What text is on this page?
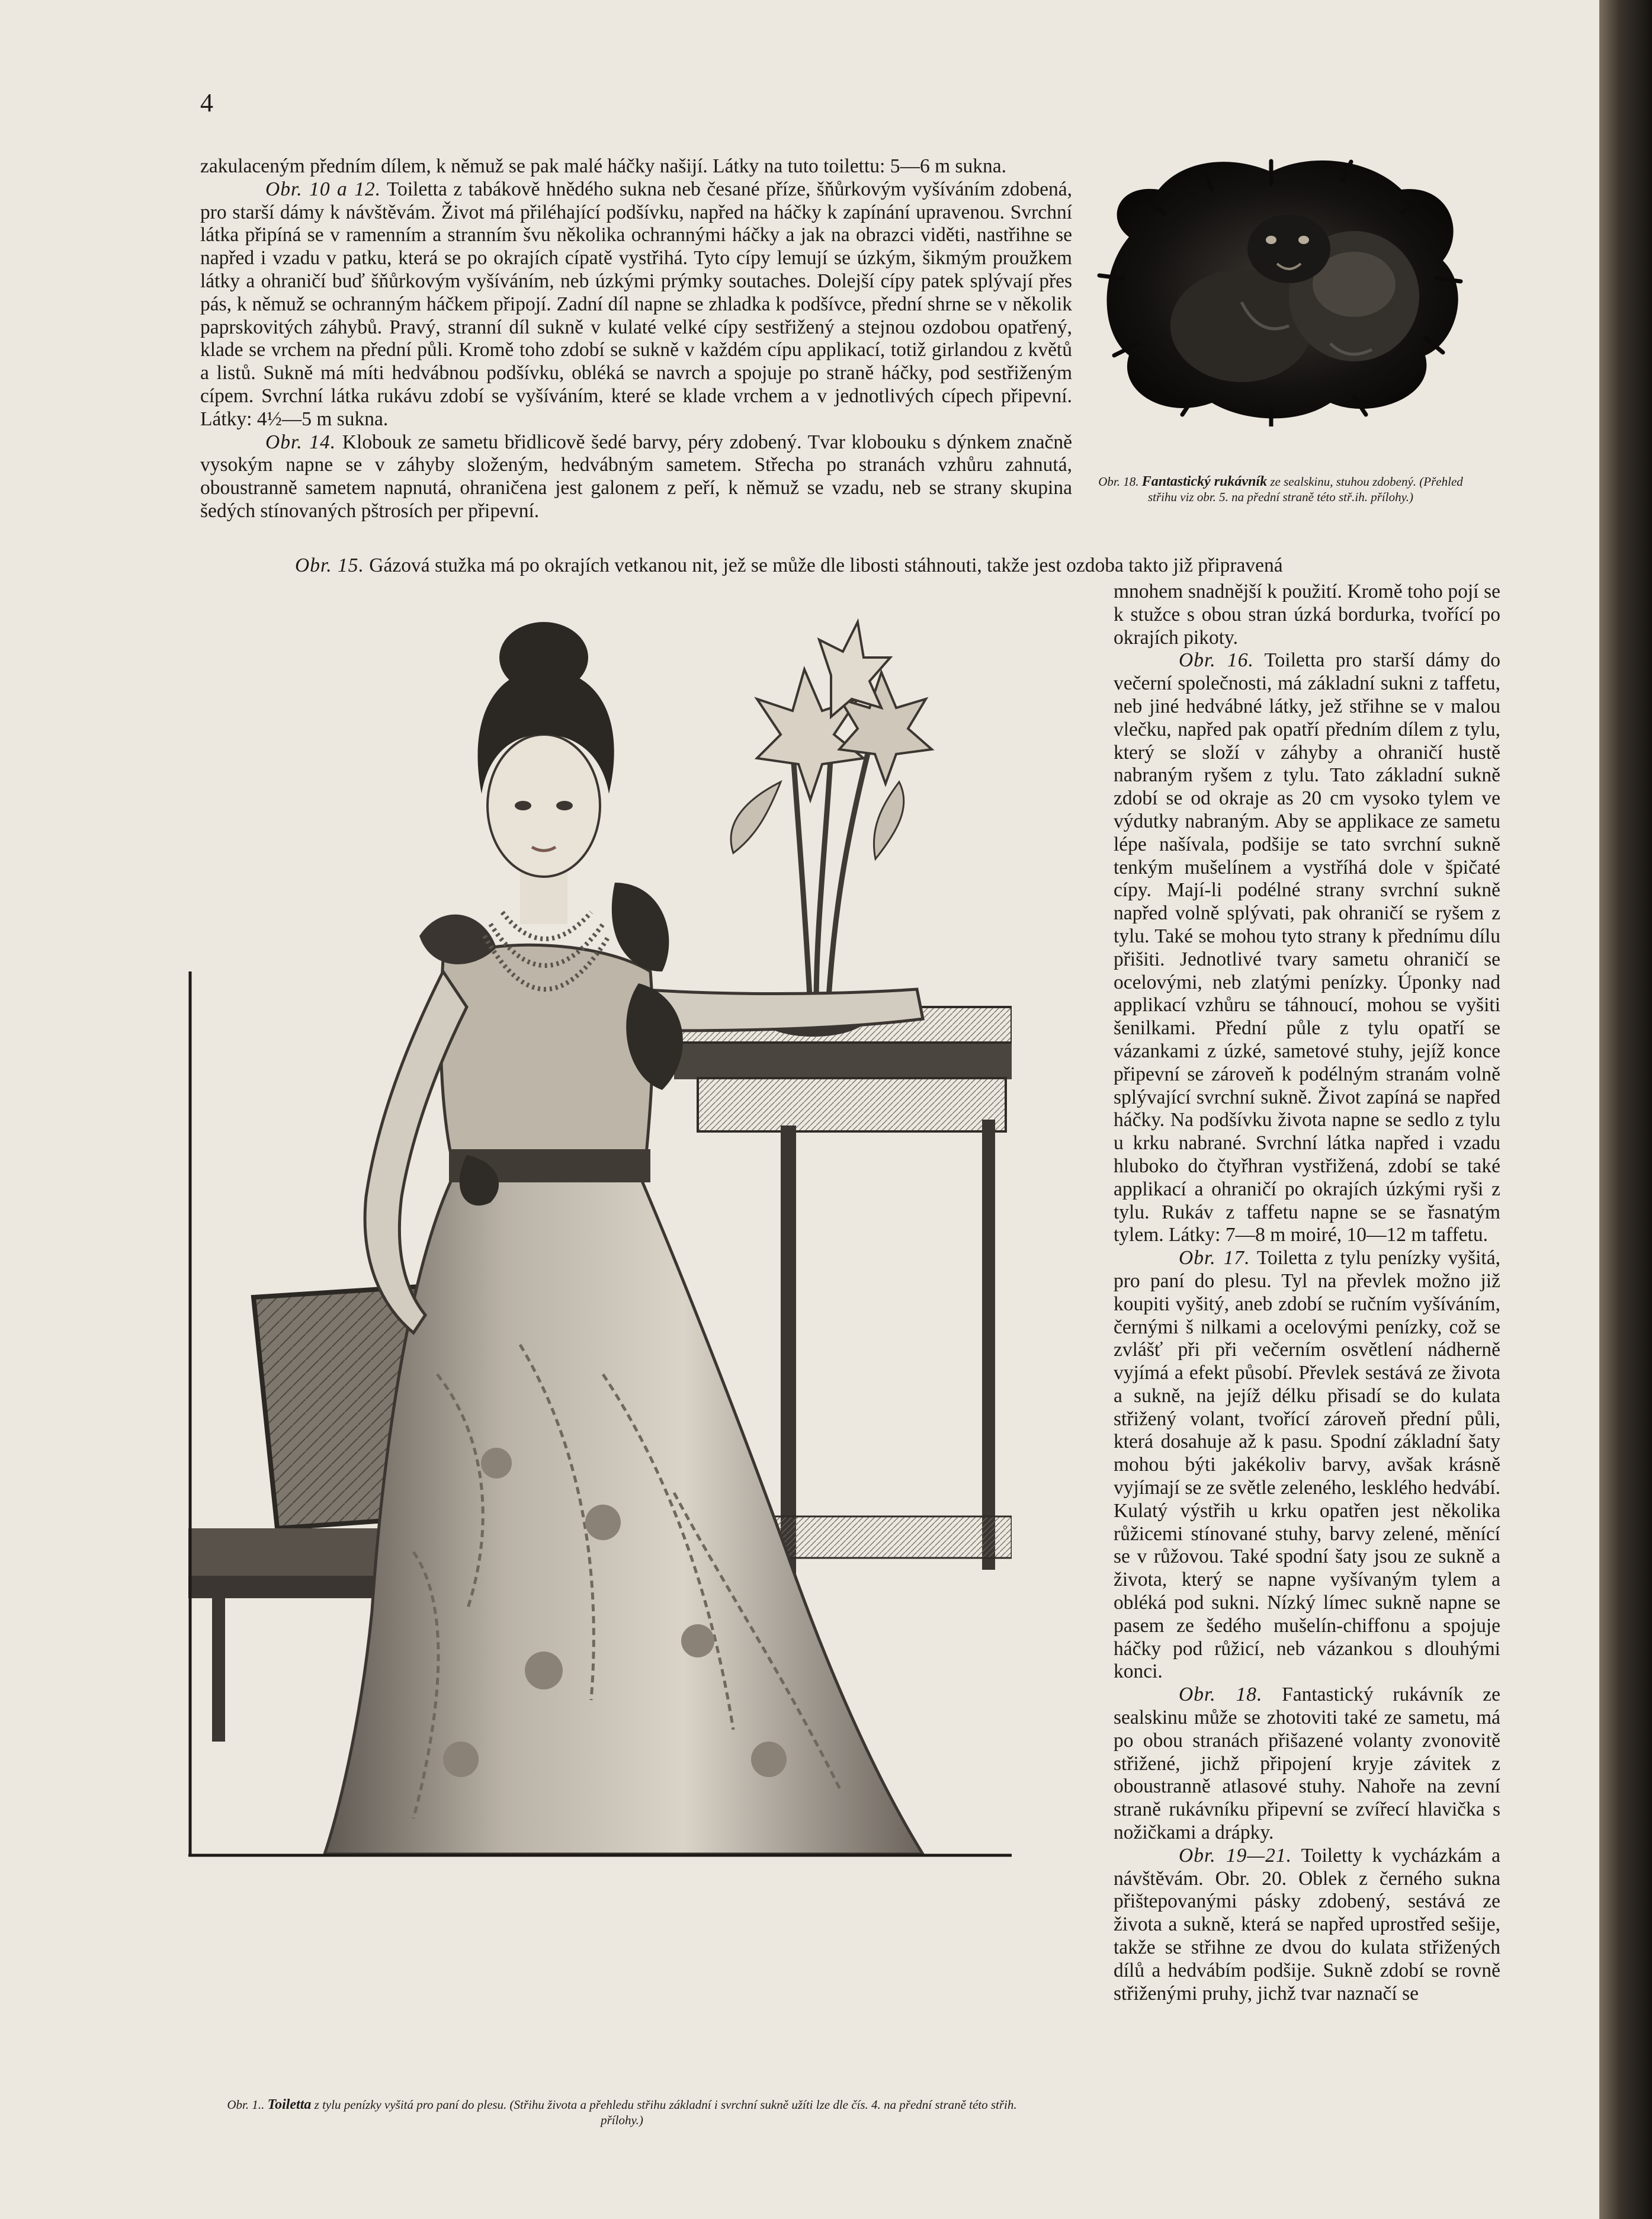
4

zakulaceným předním dílem, k němuž se pak malé háčky našijí. Látky na tuto toilettu: 5—6 m sukna.

Obr. 10 a 12. Toiletta z tabákově hnědého sukna neb česané příze, šňůrkovým vyšíváním zdobená, pro starší dámy k návštěvám. Život má přiléhající podšívku, napřed na háčky k zapínání upravenou. Svrchní látka připíná se v ramenním a stranním švu několika ochrannými háčky a jak na obrazci viděti, nastřihne se napřed i vzadu v patku, která se po okrajích cípatě vystřihá. Tyto cípy lemují se úzkým, šikmým proužkem látky a ohraničí buď šňůrkovým vyšíváním, neb úzkými prýmky soutaches. Dolejší cípy patek splývají přes pás, k němuž se ochranným háčkem připojí. Zadní díl napne se zhladka k podšívce, přední shrne se v několik paprskovitých záhybů. Pravý, stranní díl sukně v kulaté velké cípy sestřižený a stejnou ozdobou opatřený, klade se vrchem na přední půli. Kromě toho zdobí se sukně v každém cípu applikací, totiž girlandou z květů a listů. Sukně má míti hedvábnou podšívku, obléká se navrch a spojuje po straně háčky, pod sestřiženým cípem. Svrchní látka rukávu zdobí se vyšíváním, které se klade vrchem a v jednotlivých cípech připevní. Látky: 4½—5 m sukna.

Obr. 14. Klobouk ze sametu břidlicově šedé barvy, péry zdobený. Tvar klobouku s dýnkem značně vysokým napne se v záhyby složeným, hedvábným sametem. Střecha po stranách vzhůru zahnutá, oboustranně sametem napnutá, ohraničena jest galonem z peří, k němuž se vzadu, neb se strany skupina šedých stínovaných pštrosích per připevní.

Obr. 15. Gázová stužka má po okrajích vetkanou nit, jež se může dle libosti stáhnouti, takže jest ozdoba takto již připravená

mnohem snadnější k použití. Kromě toho pojí se k stužce s obou stran úzká bordurka, tvořící po okrajích pikoty.

Obr. 16. Toiletta pro starší dámy do večerní společnosti, má základní sukni z taffetu, neb jiné hedvábné látky, jež střihne se v malou vlečku, napřed pak opatří předním dílem z tylu, který se složí v záhyby a ohraničí hustě nabraným ryšem z tylu. Tato základní sukně zdobí se od okraje as 20 cm vysoko tylem ve výdutky nabraným. Aby se applikace ze sametu lépe našívala, podšije se tato svrchní sukně tenkým mušelínem a vystříhá dole v špičaté cípy. Mají-li podélné strany svrchní sukně napřed volně splývati, pak ohraničí se ryšem z tylu. Také se mohou tyto strany k přednímu dílu přišiti. Jednotlivé tvary sametu ohraničí se ocelovými, neb zlatými penízky. Úponky nad applikací vzhůru se táhnoucí, mohou se vyšiti šenilkami. Přední půle z tylu opatří se vázankami z úzké, sametové stuhy, jejíž konce připevní se zároveň k podélným stranám volně splývající svrchní sukně. Život zapíná se napřed háčky. Na podšívku života napne se sedlo z tylu u krku nabrané. Svrchní látka napřed i vzadu hluboko do čtyřhran vystřižená, zdobí se také applikací a ohraničí po okrajích úzkými ryši z tylu. Rukáv z taffetu napne se se řasnatým tylem. Látky: 7—8 m moiré, 10—12 m taffetu.

Obr. 17. Toiletta z tylu penízky vyšitá, pro paní do plesu. Tyl na převlek možno již koupiti vyšitý, aneb zdobí se ručním vyšíváním, černými š nilkami a ocelovými penízky, což se zvlášť při při večerním osvětlení nádherně vyjímá a efekt působí. Převlek sestává ze života a sukně, na jejíž délku přisadí se do kulata střižený volant, tvořící zároveň přední půli, která dosahuje až k pasu. Spodní základní šaty mohou býti jakékoliv barvy, avšak krásně vyjímají se ze světle zeleného, lesklého hedvábí. Kulatý výstřih u krku opatřen jest několika růžicemi stínované stuhy, barvy zelené, měnící se v růžovou. Také spodní šaty jsou ze sukně a života, který se napne vyšívaným tylem a obléká pod sukni. Nízký límec sukně napne se pasem ze šedého mušelín-chiffonu a spojuje háčky pod růžicí, neb vázankou s dlouhými konci.

Obr. 18. Fantastický rukávník ze sealskinu může se zhotoviti také ze sametu, má po obou stranách přišazené volanty zvonovitě střižené, jichž připojení kryje závitek z oboustranně atlasové stuhy. Nahoře na zevní straně rukávníku připevní se zvířecí hlavička s nožičkami a drápky.

Obr. 19—21. Toiletty k vycházkám a návštěvám. Obr. 20. Oblek z černého sukna přištepovanými pásky zdobený, sestává ze života a sukně, která se napřed uprostřed sešije, takže se střihne ze dvou do kulata střižených dílů a hedvábím podšije. Sukně zdobí se rovně střiženými pruhy, jichž tvar naznačí se

Obr. 18. Fantastický rukávník ze sealskinu, stuhou zdobený. (Přehled střihu viz obr. 5. na přední straně této stř.ih. přílohy.)
Obr. 1.. Toiletta z tylu penízky vyšitá pro paní do plesu. (Střihu života a přehledu střihu základní i svrchní sukně užíti lze dle čís. 4. na přední straně této střih. přílohy.)
